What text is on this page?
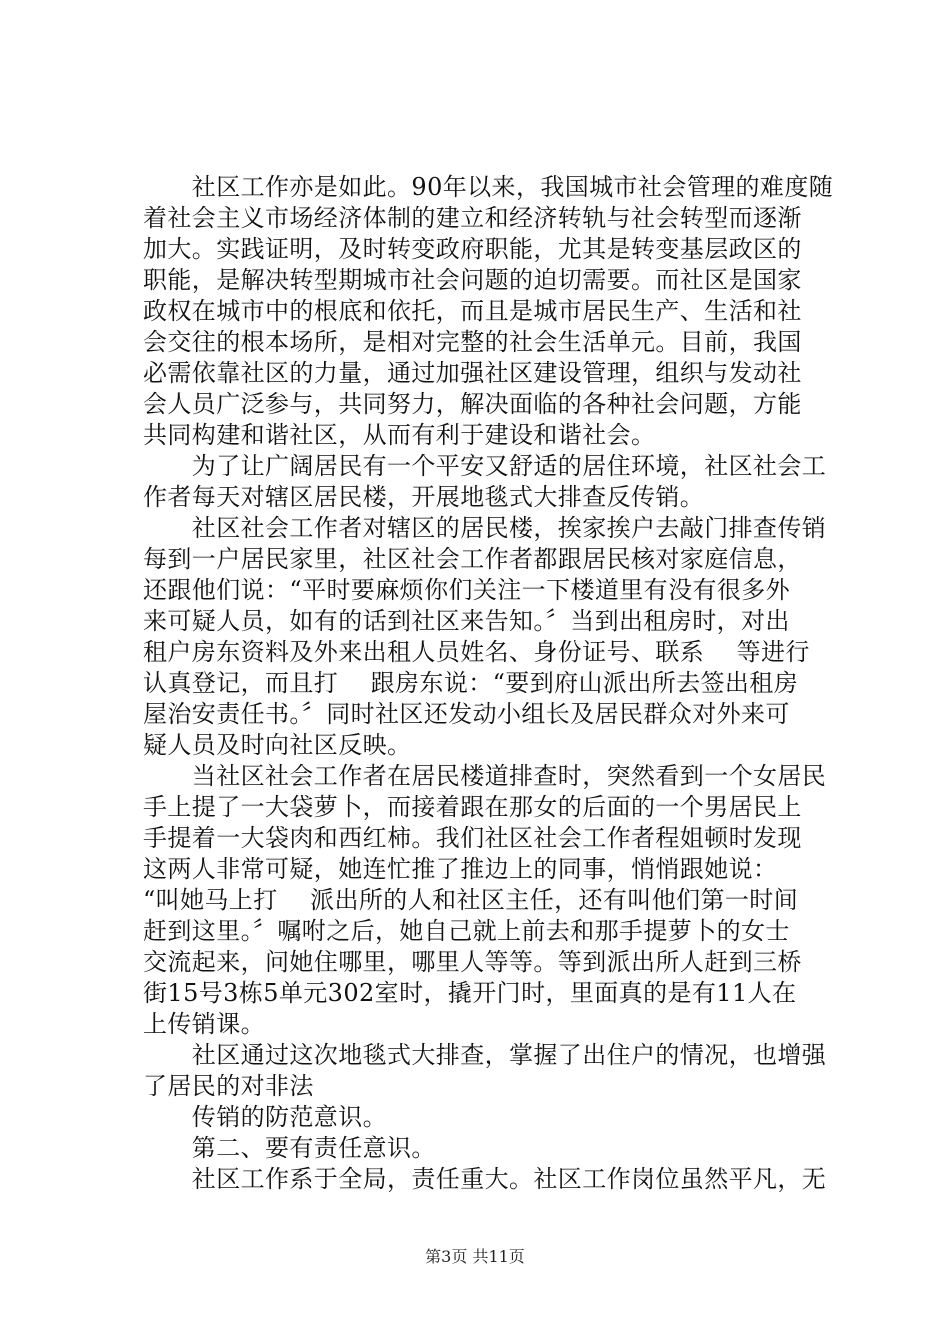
　　社区工作亦是如此。90年以来，我国城市社会管理的难度随
着社会主义市场经济体制的建立和经济转轨与社会转型而逐渐
加大。实践证明，及时转变政府职能，尤其是转变基层政区的
职能，是解决转型期城市社会问题的迫切需要。而社区是国家
政权在城市中的根底和依托，而且是城市居民生产、生活和社
会交往的根本场所，是相对完整的社会生活单元。目前，我国
必需依靠社区的力量，通过加强社区建设管理，组织与发动社
会人员广泛参与，共同努力，解决面临的各种社会问题，方能
共同构建和谐社区，从而有利于建设和谐社会。
　　为了让广阔居民有一个平安又舒适的居住环境，社区社会工
作者每天对辖区居民楼，开展地毯式大排查反传销。
　　社区社会工作者对辖区的居民楼，挨家挨户去敲门排查传销
每到一户居民家里，社区社会工作者都跟居民核对家庭信息，
还跟他们说：“平时要麻烦你们关注一下楼道里有没有很多外
来可疑人员，如有的话到社区来告知。〞当到出租房时，对出
租户房东资料及外来出租人员姓名、身份证号、联系　 等进行
认真登记，而且打　 跟房东说：“要到府山派出所去签出租房
屋治安责任书。〞同时社区还发动小组长及居民群众对外来可
疑人员及时向社区反映。
　　当社区社会工作者在居民楼道排查时，突然看到一个女居民
手上提了一大袋萝卜，而接着跟在那女的后面的一个男居民上
手提着一大袋肉和西红柿。我们社区社会工作者程姐顿时发现
这两人非常可疑，她连忙推了推边上的同事，悄悄跟她说：
“叫她马上打　 派出所的人和社区主任，还有叫他们第一时间
赶到这里。〞嘱咐之后，她自己就上前去和那手提萝卜的女士
交流起来，问她住哪里，哪里人等等。等到派出所人赶到三桥
街15号3栋5单元302室时，撬开门时，里面真的是有11人在
上传销课。
　　社区通过这次地毯式大排查，掌握了出住户的情况，也增强
了居民的对非法
　　传销的防范意识。
　　第二、要有责任意识。
　　社区工作系于全局，责任重大。社区工作岗位虽然平凡，无
第3页 共11页
